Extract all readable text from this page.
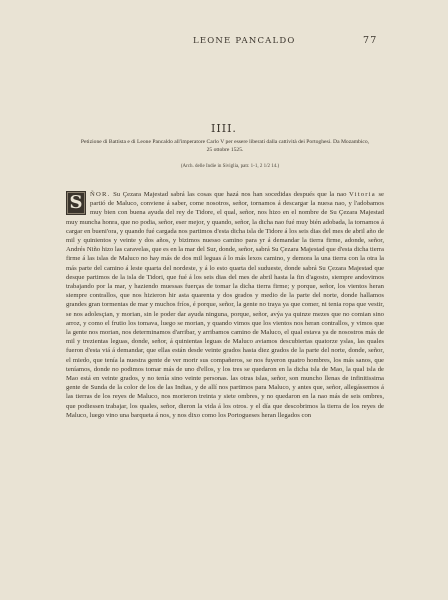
LEONE PANCALDO	77
IIII.
Petizione di Battista e di Leone Pancaldo all'imperatore Carlo V per essere liberati dalla cattività dei Portoghesi. Da Mozambico, 25 ottobre 1525.
(Arch. delle Indie in Siviglia, patr. 1-1, 2 1/2 14.)
S	ÑOR. Su Çezara Majestad sabrá las cosas que hazá nos han socedidas después que la nao Vitoria se partió de Maluco, conviene á saber, come nosotros, señor, tornamos á descargar la nuesa nao, y l'adobamos muy bien con buena ayuda del rey de Tidore, el qual, señor, nos hizo en el nombre de Su Çezara Majestad muy muncha honra, que no podia, señor, eser mejor, y quando, señor, la dicha nao fué muy bién adobada, la tornamos á cargar en bueni'ora, y quando fué cargada nos partimos d'esta dicha isla de Tidore á los seis dias del mes de abril año de mil y quinientos y veinte y dos años, y bizimos nuesso camino para yr á demandar la tierra firme, adonde, señor, Andrés Niño hizo las caravelas, que es en la mar del Sur, donde, señor, sabrá Su Çezara Majestad que d'esta dicha tierra firme á las islas de Maluco no hay más de dos mil leguas á lo más lexos camino, y demora la una tierra con la otra la más parte del camino á leste quarta del nordeste, y á lo esto quarta del sudueste, donde sabrá Su Çezara Majestad que desque partimos de la isla de Tidori, que fué á los seis dias del mes de abril hasta la fin d'agosto, siempre andovimos trabajando por la mar, y haziendo muessas fuerças de tomar la dicha tierra firme; y porque, señor, los vientos heran siempre contrallos, que nos hizieron hir asta quarenta y dos grados y medio de la parte del norte, donde hallamos grandes gran tormentas de mar y muchos fríos, é porque, señor, la gente no traya ya que comer, ni tenia ropa que vestir, se nos adolesçian, y morian, sin le poder dar ayuda ninguna, porque, señor, avýa ya quinze mezes que no comian sino arroz, y como el frutio los tomava, luego se morian, y quando vimos que los vientos nos heran contrallos, y vimos que la gente nos morian, nos determinamos d'arribar, y arribamos camino de Maluco, el qual estava ya de nosostros más de mil y trezientas leguas, donde, señor, á quinientas leguas de Maluco aviamos descubiertas quatorze yslas, las quales fueron d'esta viá á demandar, que ellas están desde veinte grados hasta diez grados de la parte del norte, donde, señor, el miedo, que tenía la nuestra gente de ver morir sus compañeros, se nos fuyeron quatro hombres, los más sanos, que teníamos, donde no podimos tomar más de uno d'ellos, y los tres se quedaron en la dicha isla de Mao, la qual isla de Mao está en veinte grados, y no tenía sino veinte personas. las otras islas, señor, son muncho llenas de infinitissima gente de Sunda de la color de los de las Indias, y de allí nos partimos para Maluco, y antes que, señor, allegássemos á las tierras de los reyes de Maluco, nos morieron treinta y siete ombres, y no quedaron en la nao más de seis ombres, que podiessen trabajar, los quales, señor, dieron la vida á los otros. y el día que descobrimos la tierra de los reyes de Maluco, luego vino una barqueta á nos, y nos dixo como los Portogueses heran llegados con
